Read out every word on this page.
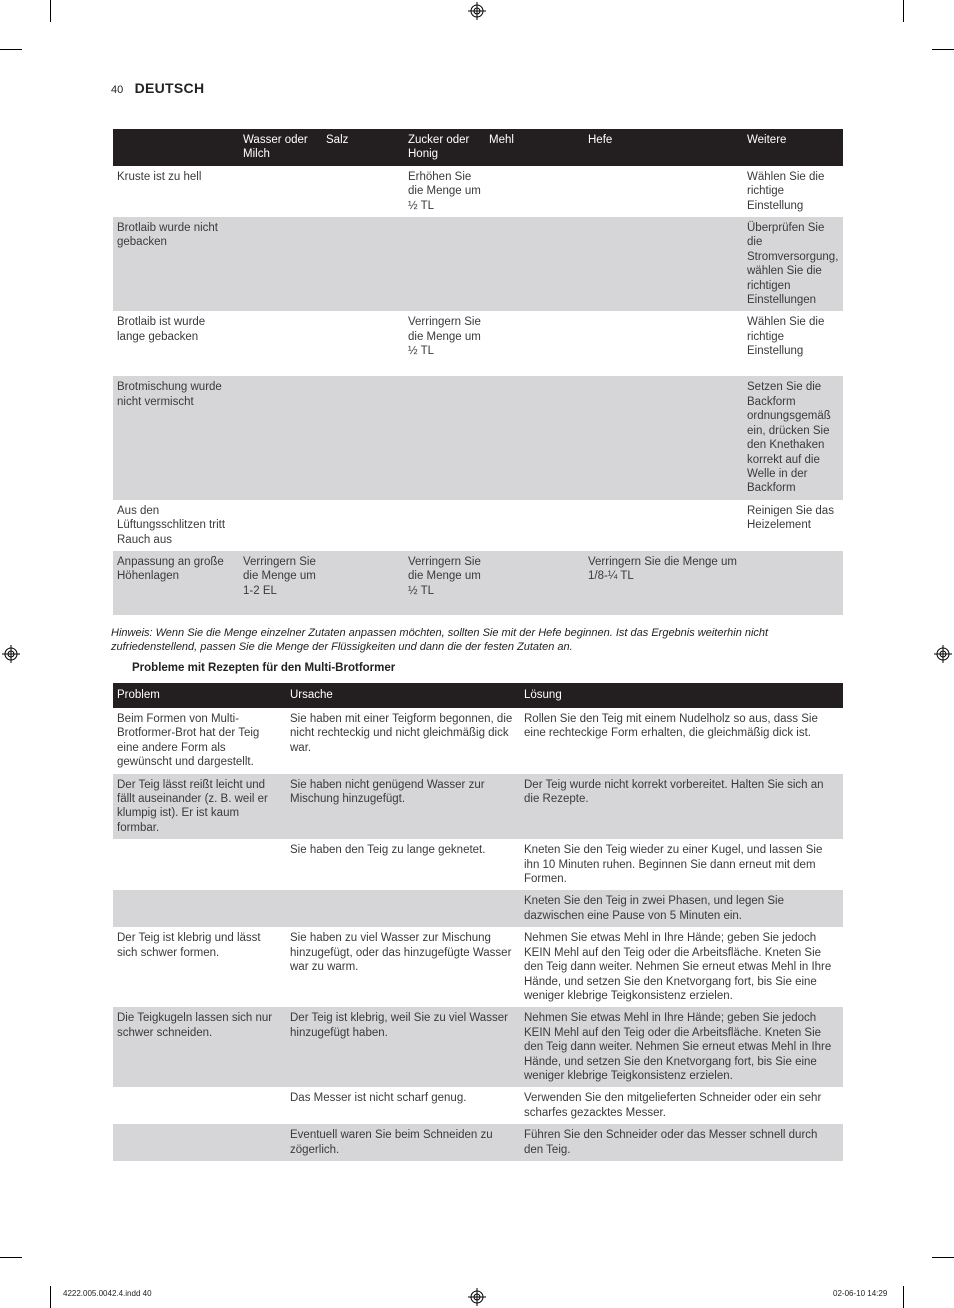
40 DEUTSCH
	Wasser oder Milch	Salz	Zucker oder Honig	Mehl	Hefe	Weitere
Kruste ist zu hell			Erhöhen Sie die Menge um ½ TL			Wählen Sie die richtige Einstellung
Brotlaib wurde nicht gebacken						Überprüfen Sie die Stromversorgung, wählen Sie die richtigen Einstellungen
Brotlaib ist wurde lange gebacken			Verringern Sie die Menge um ½ TL			Wählen Sie die richtige Einstellung
Brotmischung wurde nicht vermischt						Setzen Sie die Backform ordnungsgemäß ein, drücken Sie den Knethaken korrekt auf die Welle in der Backform
Aus den Lüftungsschlitzen tritt Rauch aus						Reinigen Sie das Heizelement
Anpassung an große Höhenlagen	Verringern Sie die Menge um 1-2 EL		Verringern Sie die Menge um ½ TL		Verringern Sie die Menge um 1/8-¼ TL	
Hinweis: Wenn Sie die Menge einzelner Zutaten anpassen möchten, sollten Sie mit der Hefe beginnen. Ist das Ergebnis weiterhin nicht zufriedenstellend, passen Sie die Menge der Flüssigkeiten und dann die der festen Zutaten an.
Probleme mit Rezepten für den Multi-Brotformer
Problem	Ursache	Lösung
Beim Formen von Multi-Brotformer-Brot hat der Teig eine andere Form als gewünscht und dargestellt.	Sie haben mit einer Teigform begonnen, die nicht rechteckig und nicht gleichmäßig dick war.	Rollen Sie den Teig mit einem Nudelholz so aus, dass Sie eine rechteckige Form erhalten, die gleichmäßig dick ist.
Der Teig lässt reißt leicht und fällt auseinander (z. B. weil er klumpig ist). Er ist kaum formbar.	Sie haben nicht genügend Wasser zur Mischung hinzugefügt.	Der Teig wurde nicht korrekt vorbereitet. Halten Sie sich an die Rezepte.
	Sie haben den Teig zu lange geknetet.	Kneten Sie den Teig wieder zu einer Kugel, und lassen Sie ihn 10 Minuten ruhen. Beginnen Sie dann erneut mit dem Formen.
		Kneten Sie den Teig in zwei Phasen, und legen Sie dazwischen eine Pause von 5 Minuten ein.
Der Teig ist klebrig und lässt sich schwer formen.	Sie haben zu viel Wasser zur Mischung hinzugefügt, oder das hinzugefügte Wasser war zu warm.	Nehmen Sie etwas Mehl in Ihre Hände; geben Sie jedoch KEIN Mehl auf den Teig oder die Arbeitsfläche. Kneten Sie den Teig dann weiter. Nehmen Sie erneut etwas Mehl in Ihre Hände, und setzen Sie den Knetvorgang fort, bis Sie eine weniger klebrige Teigkonsistenz erzielen.
Die Teigkugeln lassen sich nur schwer schneiden.	Der Teig ist klebrig, weil Sie zu viel Wasser hinzugefügt haben.	Nehmen Sie etwas Mehl in Ihre Hände; geben Sie jedoch KEIN Mehl auf den Teig oder die Arbeitsfläche. Kneten Sie den Teig dann weiter. Nehmen Sie erneut etwas Mehl in Ihre Hände, und setzen Sie den Knetvorgang fort, bis Sie eine weniger klebrige Teigkonsistenz erzielen.
	Das Messer ist nicht scharf genug.	Verwenden Sie den mitgelieferten Schneider oder ein sehr scharfes gezacktes Messer.
	Eventuell waren Sie beim Schneiden zu zögerlich.	Führen Sie den Schneider oder das Messer schnell durch den Teig.
4222.005.0042.4.indd 40	02-06-10 14:29
